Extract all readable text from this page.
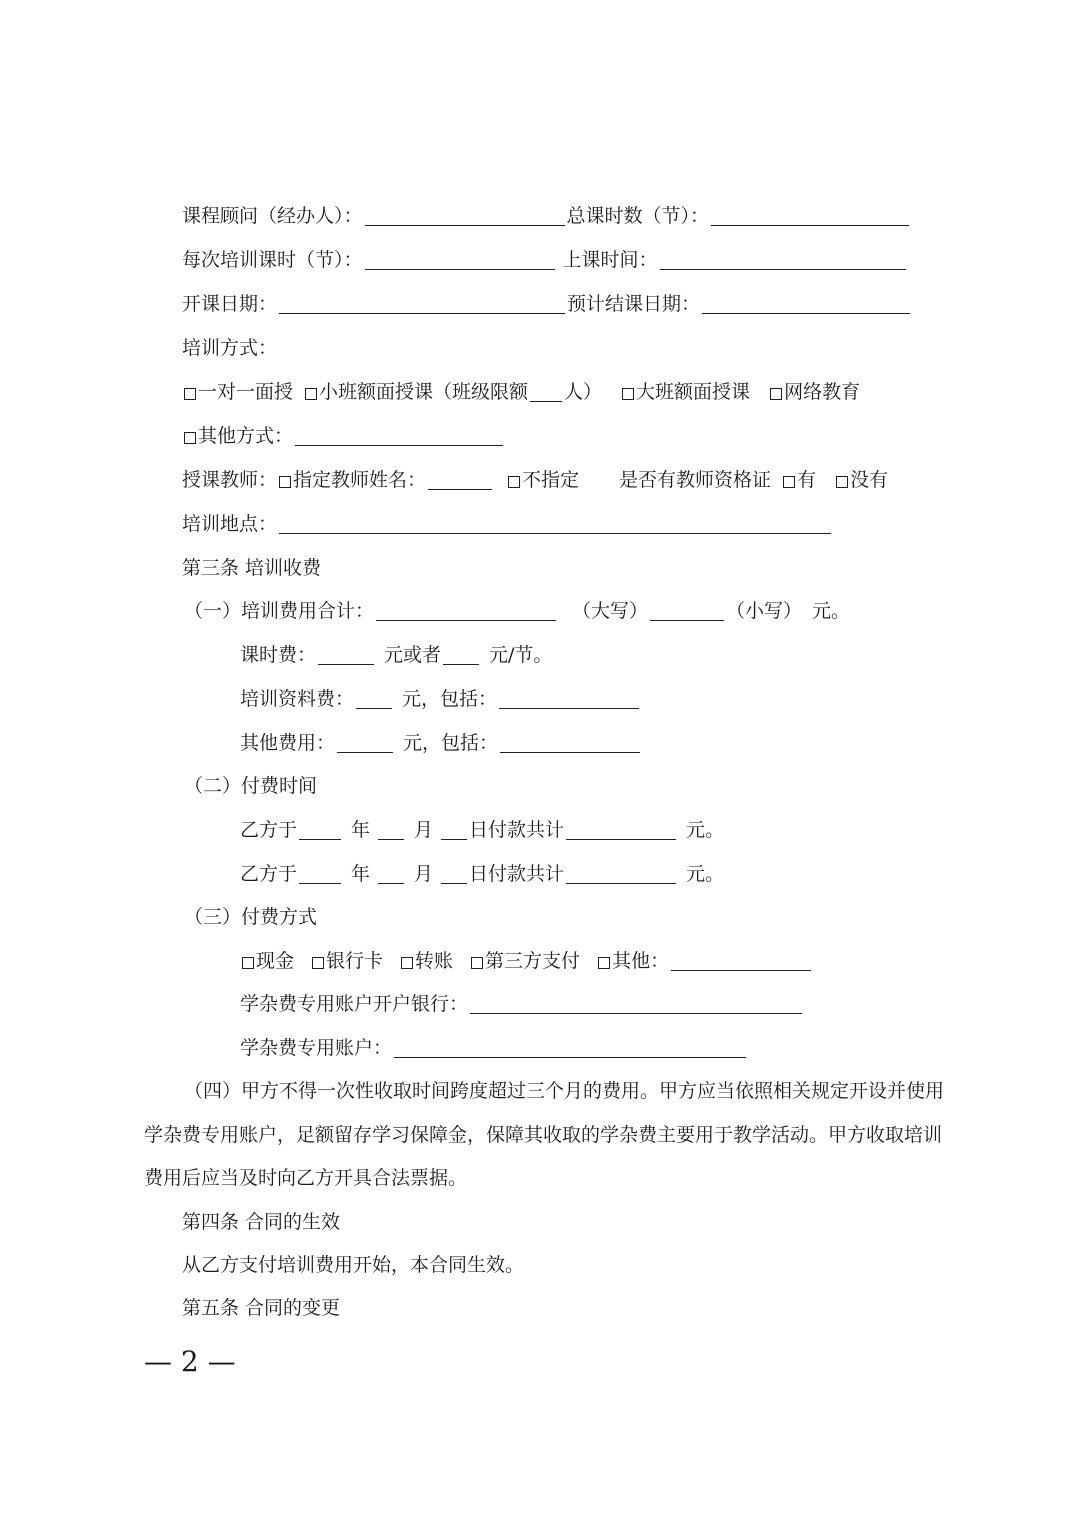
课程顾问（经办人）：	总课时数（节）：
每次培训课时（节）：	上课时间：
开课日期：	预计结课日期：
培训方式：
一对一面授 小班额面授课（班级限额 人） 大班额面授课 网络教育
其他方式：
授课教师： 指定教师姓名：	不指定 是否有教师资格证 有 没有
培训地点：
第三条 培训收费
（一）培训费用合计：	（大写）	（小写） 元。
课时费：	元或者	元/节。
培训资料费：	元，包括：
其他费用：	元，包括：
（二）付费时间
乙方于	年 月 日付款共计	元。
乙方于	年 月 日付款共计	元。
（三）付费方式
现金 银行卡 转账 第三方支付 其他：
学杂费专用账户开户银行：
学杂费专用账户：
（四）甲方不得一次性收取时间跨度超过三个月的费用。甲方应当依照相关规定开设并使用
学杂费专用账户，足额留存学习保障金，保障其收取的学杂费主要用于教学活动。甲方收取培训
费用后应当及时向乙方开具合法票据。
第四条 合同的生效
从乙方支付培训费用开始，本合同生效。
第五条 合同的变更
— 2 —
